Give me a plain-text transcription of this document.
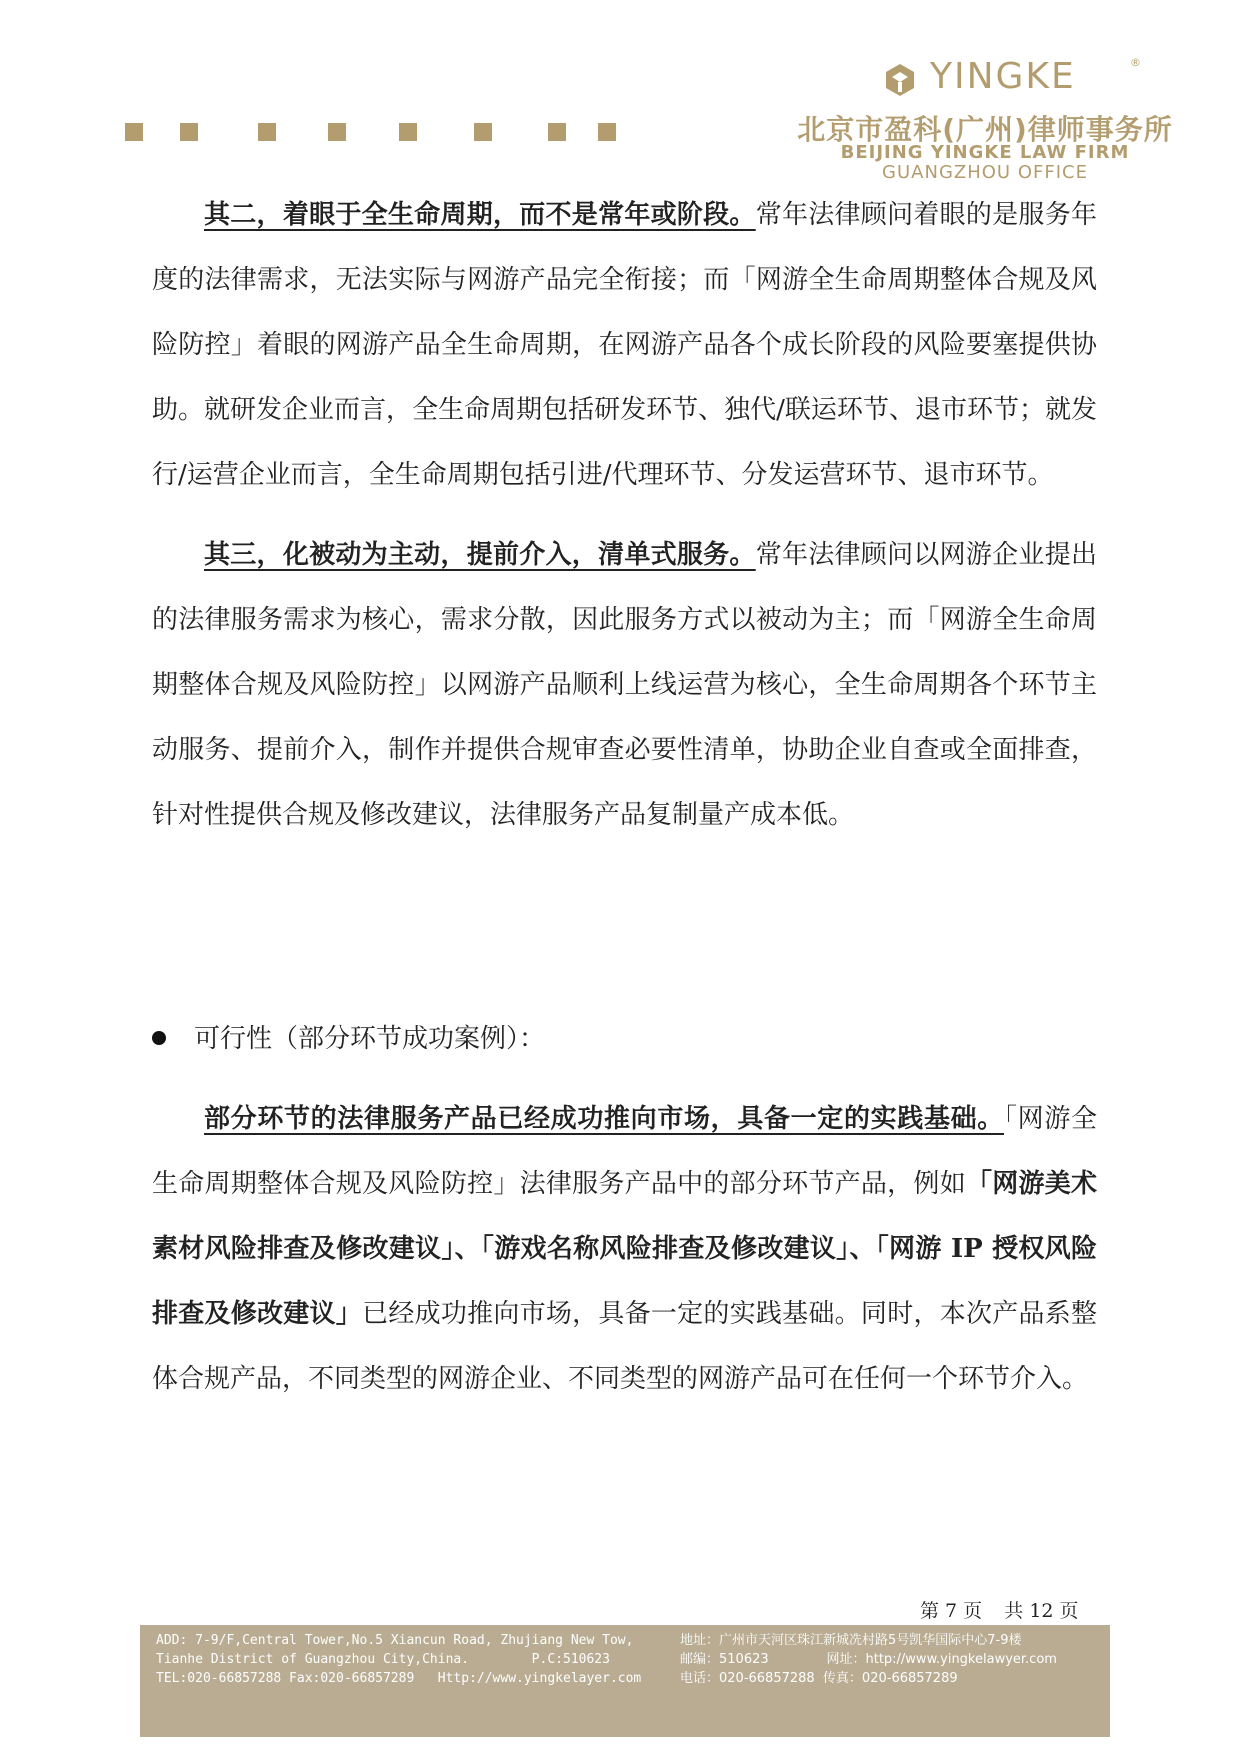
YINGKE	®
北京市盈科(广州)律师事务所
BEIJING YINGKE LAW FIRM
GUANGZHOU OFFICE

其二，着眼于全生命周期，而不是常年或阶段。常年法律顾问着眼的是服务年度的法律需求，无法实际与网游产品完全衔接；而「网游全生命周期整体合规及风险防控」着眼的网游产品全生命周期，在网游产品各个成长阶段的风险要塞提供协助。就研发企业而言，全生命周期包括研发环节、独代/联运环节、退市环节；就发行/运营企业而言，全生命周期包括引进/代理环节、分发运营环节、退市环节。

其三，化被动为主动，提前介入，清单式服务。常年法律顾问以网游企业提出的法律服务需求为核心，需求分散，因此服务方式以被动为主；而「网游全生命周期整体合规及风险防控」以网游产品顺利上线运营为核心，全生命周期各个环节主动服务、提前介入，制作并提供合规审查必要性清单，协助企业自查或全面排查，针对性提供合规及修改建议，法律服务产品复制量产成本低。

可行性（部分环节成功案例）：

部分环节的法律服务产品已经成功推向市场，具备一定的实践基础。「网游全生命周期整体合规及风险防控」法律服务产品中的部分环节产品，例如「网游美术素材风险排查及修改建议」、「游戏名称风险排查及修改建议」、「网游 IP 授权风险排查及修改建议」已经成功推向市场，具备一定的实践基础。同时，本次产品系整体合规产品，不同类型的网游企业、不同类型的网游产品可在任何一个环节介入。

第 7 页 共 12 页
ADD: 7-9/F,Central Tower,No.5 Xiancun Road, Zhujiang New Tow,
Tianhe District of Guangzhou City,China.        P.C:510623
TEL:020-66857288 Fax:020-66857289   Http://www.yingkelayer.com
地址：广州市天河区珠江新城冼村路5号凯华国际中心7-9楼
邮编：510623              网址：http://www.yingkelawyer.com
电话：020-66857288  传真：020-66857289
